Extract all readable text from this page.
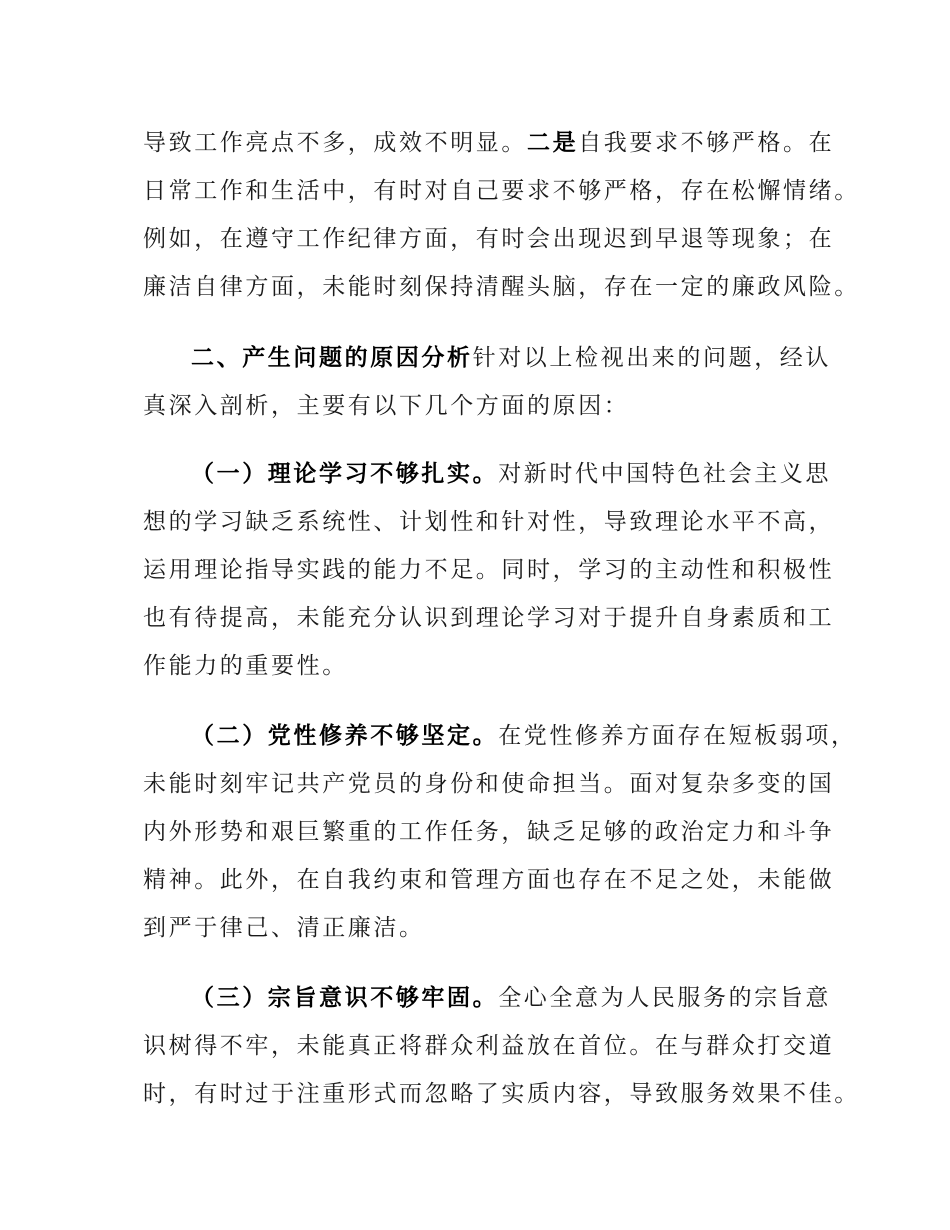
导致工作亮点不多，成效不明显。二是自我要求不够严格。在
日常工作和生活中，有时对自己要求不够严格，存在松懈情绪。
例如，在遵守工作纪律方面，有时会出现迟到早退等现象；在
廉洁自律方面，未能时刻保持清醒头脑，存在一定的廉政风险。
二、产生问题的原因分析针对以上检视出来的问题，经认
真深入剖析，主要有以下几个方面的原因：
（一）理论学习不够扎实。对新时代中国特色社会主义思
想的学习缺乏系统性、计划性和针对性，导致理论水平不高，
运用理论指导实践的能力不足。同时，学习的主动性和积极性
也有待提高，未能充分认识到理论学习对于提升自身素质和工
作能力的重要性。
（二）党性修养不够坚定。在党性修养方面存在短板弱项，
未能时刻牢记共产党员的身份和使命担当。面对复杂多变的国
内外形势和艰巨繁重的工作任务，缺乏足够的政治定力和斗争
精神。此外，在自我约束和管理方面也存在不足之处，未能做
到严于律己、清正廉洁。
（三）宗旨意识不够牢固。全心全意为人民服务的宗旨意
识树得不牢，未能真正将群众利益放在首位。在与群众打交道
时，有时过于注重形式而忽略了实质内容，导致服务效果不佳。
